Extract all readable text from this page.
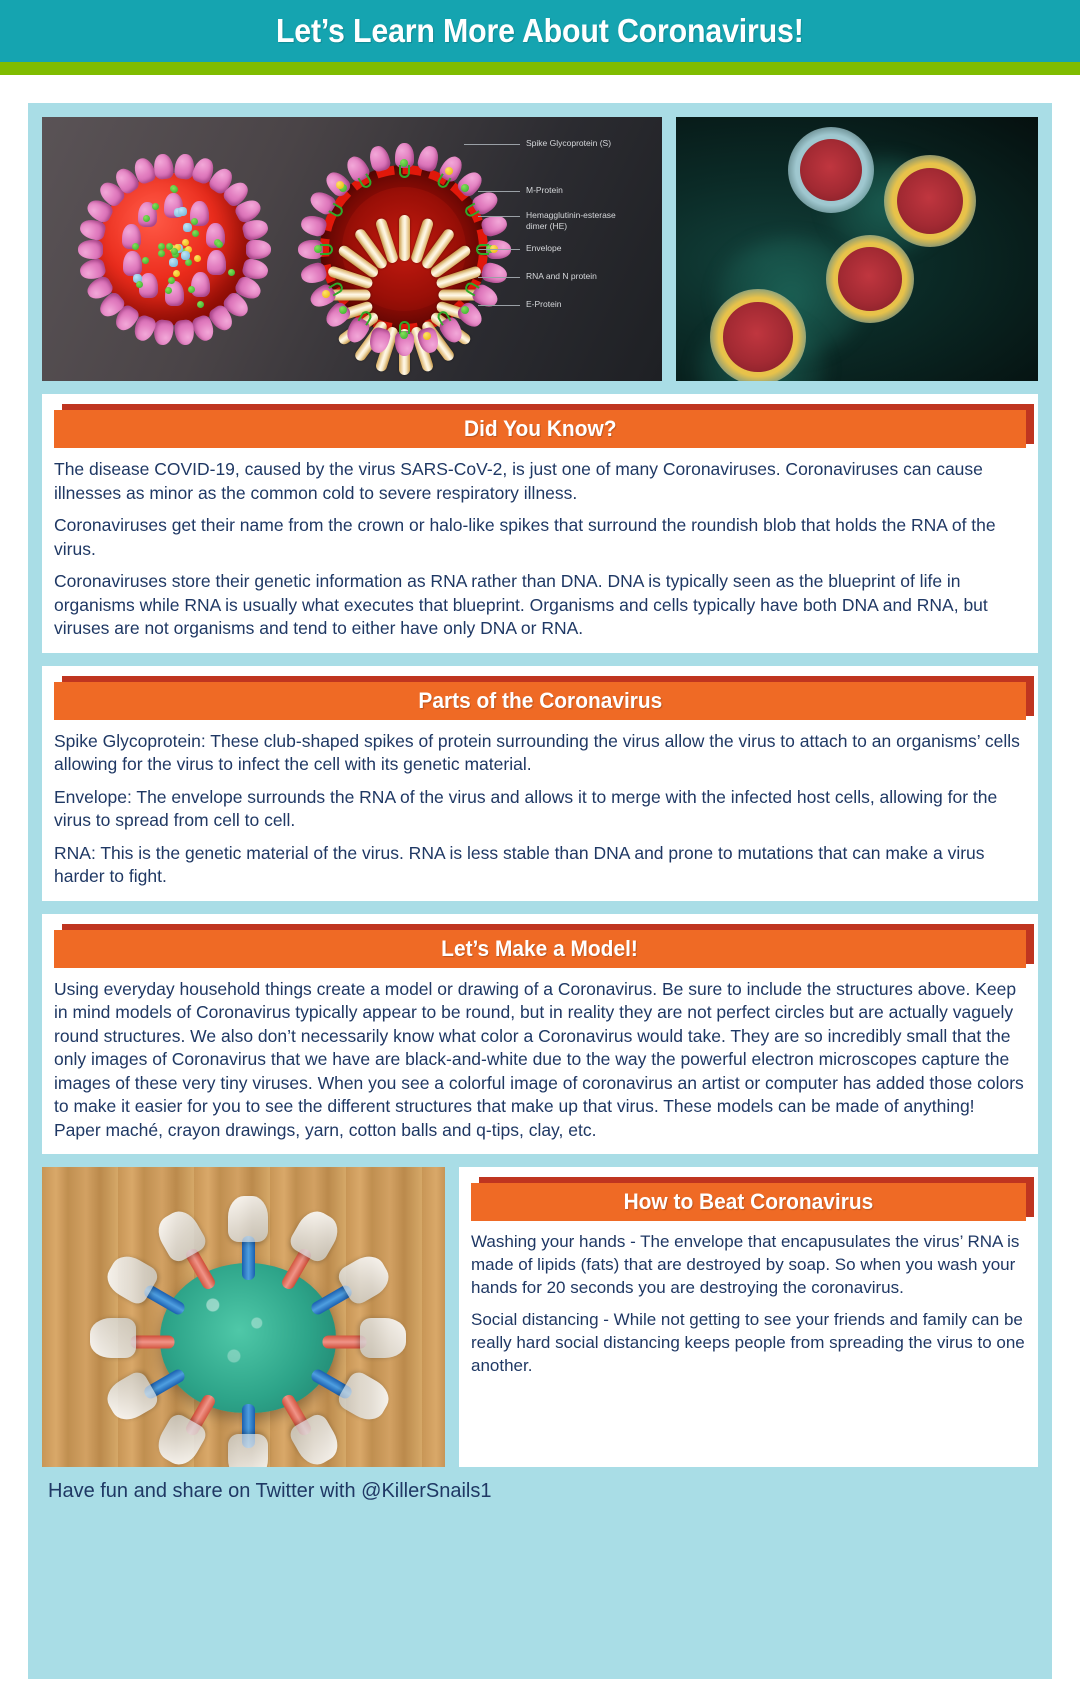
Let’s Learn More About Coronavirus!
Spike Glycoprotein (S)
M-Protein
Hemagglutinin-esterase
dimer (HE)
Envelope
RNA and N protein
E-Protein
Did You Know?

The disease COVID-19, caused by the virus SARS-CoV-2, is just one of many Coronaviruses. Coronaviruses can cause illnesses as minor as the common cold to severe respiratory illness.

Coronaviruses get their name from the crown or halo-like spikes that surround the roundish blob that holds the RNA of the virus.

Coronaviruses store their genetic information as RNA rather than DNA. DNA is typically seen as the blueprint of life in organisms while RNA is usually what executes that blueprint. Organisms and cells typically have both DNA and RNA, but viruses are not organisms and tend to either have only DNA or RNA.

Parts of the Coronavirus

Spike Glycoprotein: These club-shaped spikes of protein surrounding the virus allow the virus to attach to an organisms’ cells allowing for the virus to infect the cell with its genetic material.

Envelope: The envelope surrounds the RNA of the virus and allows it to merge with the infected host cells, allowing for the virus to spread from cell to cell.

RNA: This is the genetic material of the virus. RNA is less stable than DNA and prone to mutations that can make a virus harder to fight.

Let’s Make a Model!

Using everyday household things create a model or drawing of a Coronavirus. Be sure to include the structures above. Keep in mind models of Coronavirus typically appear to be round, but in reality they are not perfect circles but are actually vaguely round structures. We also don’t necessarily know what color a Coronavirus would take. They are so incredibly small that the only images of Coronavirus that we have are black-and-white due to the way the powerful electron microscopes capture the images of these very tiny viruses. When you see a colorful image of coronavirus an artist or computer has added those colors to make it easier for you to see the different structures that make up that virus. These models can be made of anything! Paper maché, crayon drawings, yarn, cotton balls and q-tips, clay, etc.

How to Beat Coronavirus

Washing your hands - The envelope that encapusulates the virus’ RNA is made of lipids (fats) that are destroyed by soap. So when you wash your hands for 20 seconds you are destroying the coronavirus.

Social distancing - While not getting to see your friends and family can be really hard social distancing keeps people from spreading the virus to one another.

Have fun and share on Twitter with @KillerSnails1
